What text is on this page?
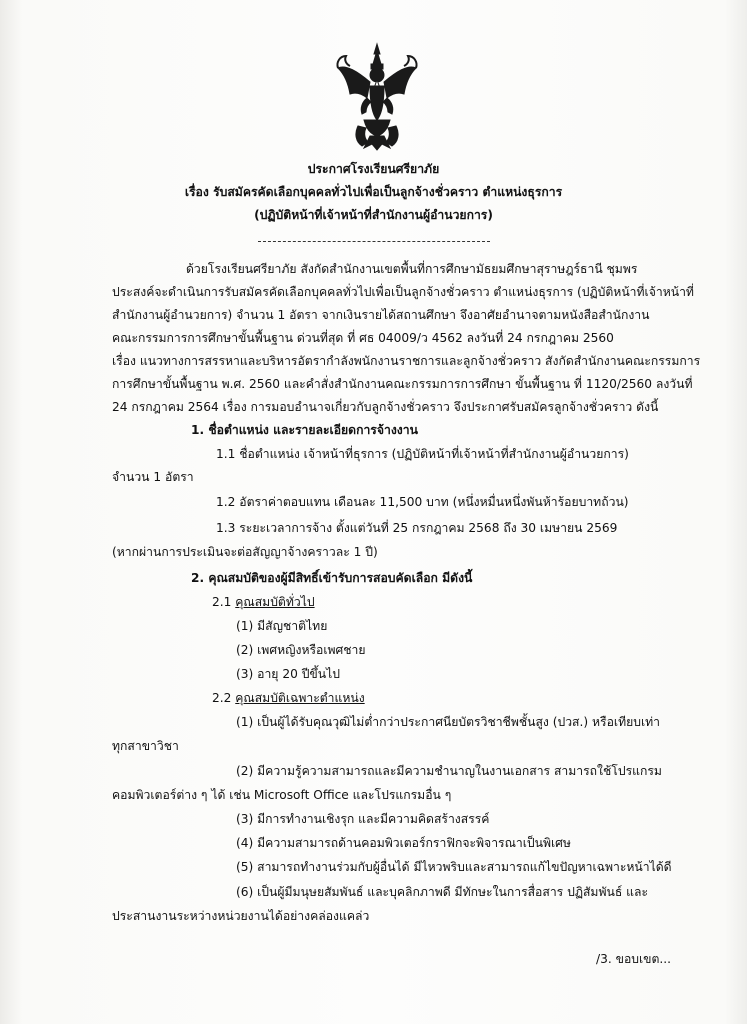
ประกาศโรงเรียนศรียาภัย
เรื่อง รับสมัครคัดเลือกบุคคลทั่วไปเพื่อเป็นลูกจ้างชั่วคราว ตำแหน่งธุรการ
(ปฏิบัติหน้าที่เจ้าหน้าที่สำนักงานผู้อำนวยการ)
ด้วยโรงเรียนศรียาภัย สังกัดสำนักงานเขตพื้นที่การศึกษามัธยมศึกษาสุราษฎร์ธานี ชุมพร
ประสงค์จะดำเนินการรับสมัครคัดเลือกบุคคลทั่วไปเพื่อเป็นลูกจ้างชั่วคราว ตำแหน่งธุรการ (ปฏิบัติหน้าที่เจ้าหน้าที่
สำนักงานผู้อำนวยการ) จำนวน 1 อัตรา จากเงินรายได้สถานศึกษา จึงอาศัยอำนาจตามหนังสือสำนักงาน
คณะกรรมการการศึกษาขั้นพื้นฐาน ด่วนที่สุด ที่ ศธ 04009/ว 4562 ลงวันที่ 24 กรกฎาคม 2560
เรื่อง แนวทางการสรรหาและบริหารอัตรากำลังพนักงานราชการและลูกจ้างชั่วคราว สังกัดสำนักงานคณะกรรมการ
การศึกษาขั้นพื้นฐาน พ.ศ. 2560 และคำสั่งสำนักงานคณะกรรมการการศึกษา ขั้นพื้นฐาน ที่ 1120/2560 ลงวันที่
24 กรกฎาคม 2564 เรื่อง การมอบอำนาจเกี่ยวกับลูกจ้างชั่วคราว จึงประกาศรับสมัครลูกจ้างชั่วคราว ดังนี้
1. ชื่อตำแหน่ง และรายละเอียดการจ้างงาน
1.1 ชื่อตำแหน่ง เจ้าหน้าที่ธุรการ (ปฏิบัติหน้าที่เจ้าหน้าที่สำนักงานผู้อำนวยการ)
จำนวน 1 อัตรา
1.2 อัตราค่าตอบแทน เดือนละ 11,500 บาท (หนึ่งหมื่นหนึ่งพันห้าร้อยบาทถ้วน)
1.3 ระยะเวลาการจ้าง ตั้งแต่วันที่ 25 กรกฎาคม 2568 ถึง 30 เมษายน 2569
(หากผ่านการประเมินจะต่อสัญญาจ้างคราวละ 1 ปี)
2. คุณสมบัติของผู้มีสิทธิ์เข้ารับการสอบคัดเลือก มีดังนี้
2.1 คุณสมบัติทั่วไป
(1) มีสัญชาติไทย
(2) เพศหญิงหรือเพศชาย
(3) อายุ 20 ปีขึ้นไป
2.2 คุณสมบัติเฉพาะตำแหน่ง
(1) เป็นผู้ได้รับคุณวุฒิไม่ต่ำกว่าประกาศนียบัตรวิชาชีพชั้นสูง (ปวส.) หรือเทียบเท่า
ทุกสาขาวิชา
(2) มีความรู้ความสามารถและมีความชำนาญในงานเอกสาร สามารถใช้โปรแกรม
คอมพิวเตอร์ต่าง ๆ ได้ เช่น Microsoft Office และโปรแกรมอื่น ๆ
(3) มีการทำงานเชิงรุก และมีความคิดสร้างสรรค์
(4) มีความสามารถด้านคอมพิวเตอร์กราฟิกจะพิจารณาเป็นพิเศษ
(5) สามารถทำงานร่วมกับผู้อื่นได้ มีไหวพริบและสามารถแก้ไขปัญหาเฉพาะหน้าได้ดี
(6) เป็นผู้มีมนุษยสัมพันธ์ และบุคลิกภาพดี มีทักษะในการสื่อสาร ปฏิสัมพันธ์ และ
ประสานงานระหว่างหน่วยงานได้อย่างคล่องแคล่ว
/3. ขอบเขต...
